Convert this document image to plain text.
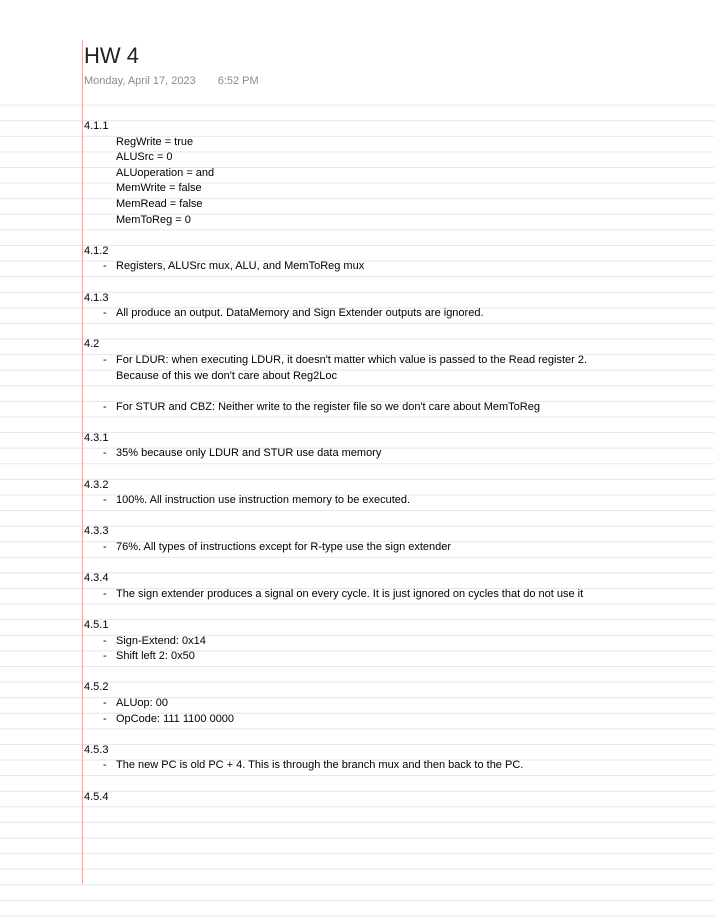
HW 4
Monday, April 17, 2023 6:52 PM
4.1.1
RegWrite = true
ALUSrc = 0
ALUoperation = and
MemWrite = false
MemRead = false
MemToReg = 0
4.1.2
- Registers, ALUSrc mux, ALU, and MemToReg mux
4.1.3
- All produce an output. DataMemory and Sign Extender outputs are ignored.
4.2
- For LDUR: when executing LDUR, it doesn't matter which value is passed to the Read register 2.
Because of this we don't care about Reg2Loc
- For STUR and CBZ: Neither write to the register file so we don't care about MemToReg
4.3.1
- 35% because only LDUR and STUR use data memory
4.3.2
- 100%. All instruction use instruction memory to be executed.
4.3.3
- 76%. All types of instructions except for R-type use the sign extender
4.3.4
- The sign extender produces a signal on every cycle. It is just ignored on cycles that do not use it
4.5.1
- Sign-Extend: 0x14
- Shift left 2: 0x50
4.5.2
- ALUop: 00
- OpCode: 111 1100 0000
4.5.3
- The new PC is old PC + 4. This is through the branch mux and then back to the PC.
4.5.4
